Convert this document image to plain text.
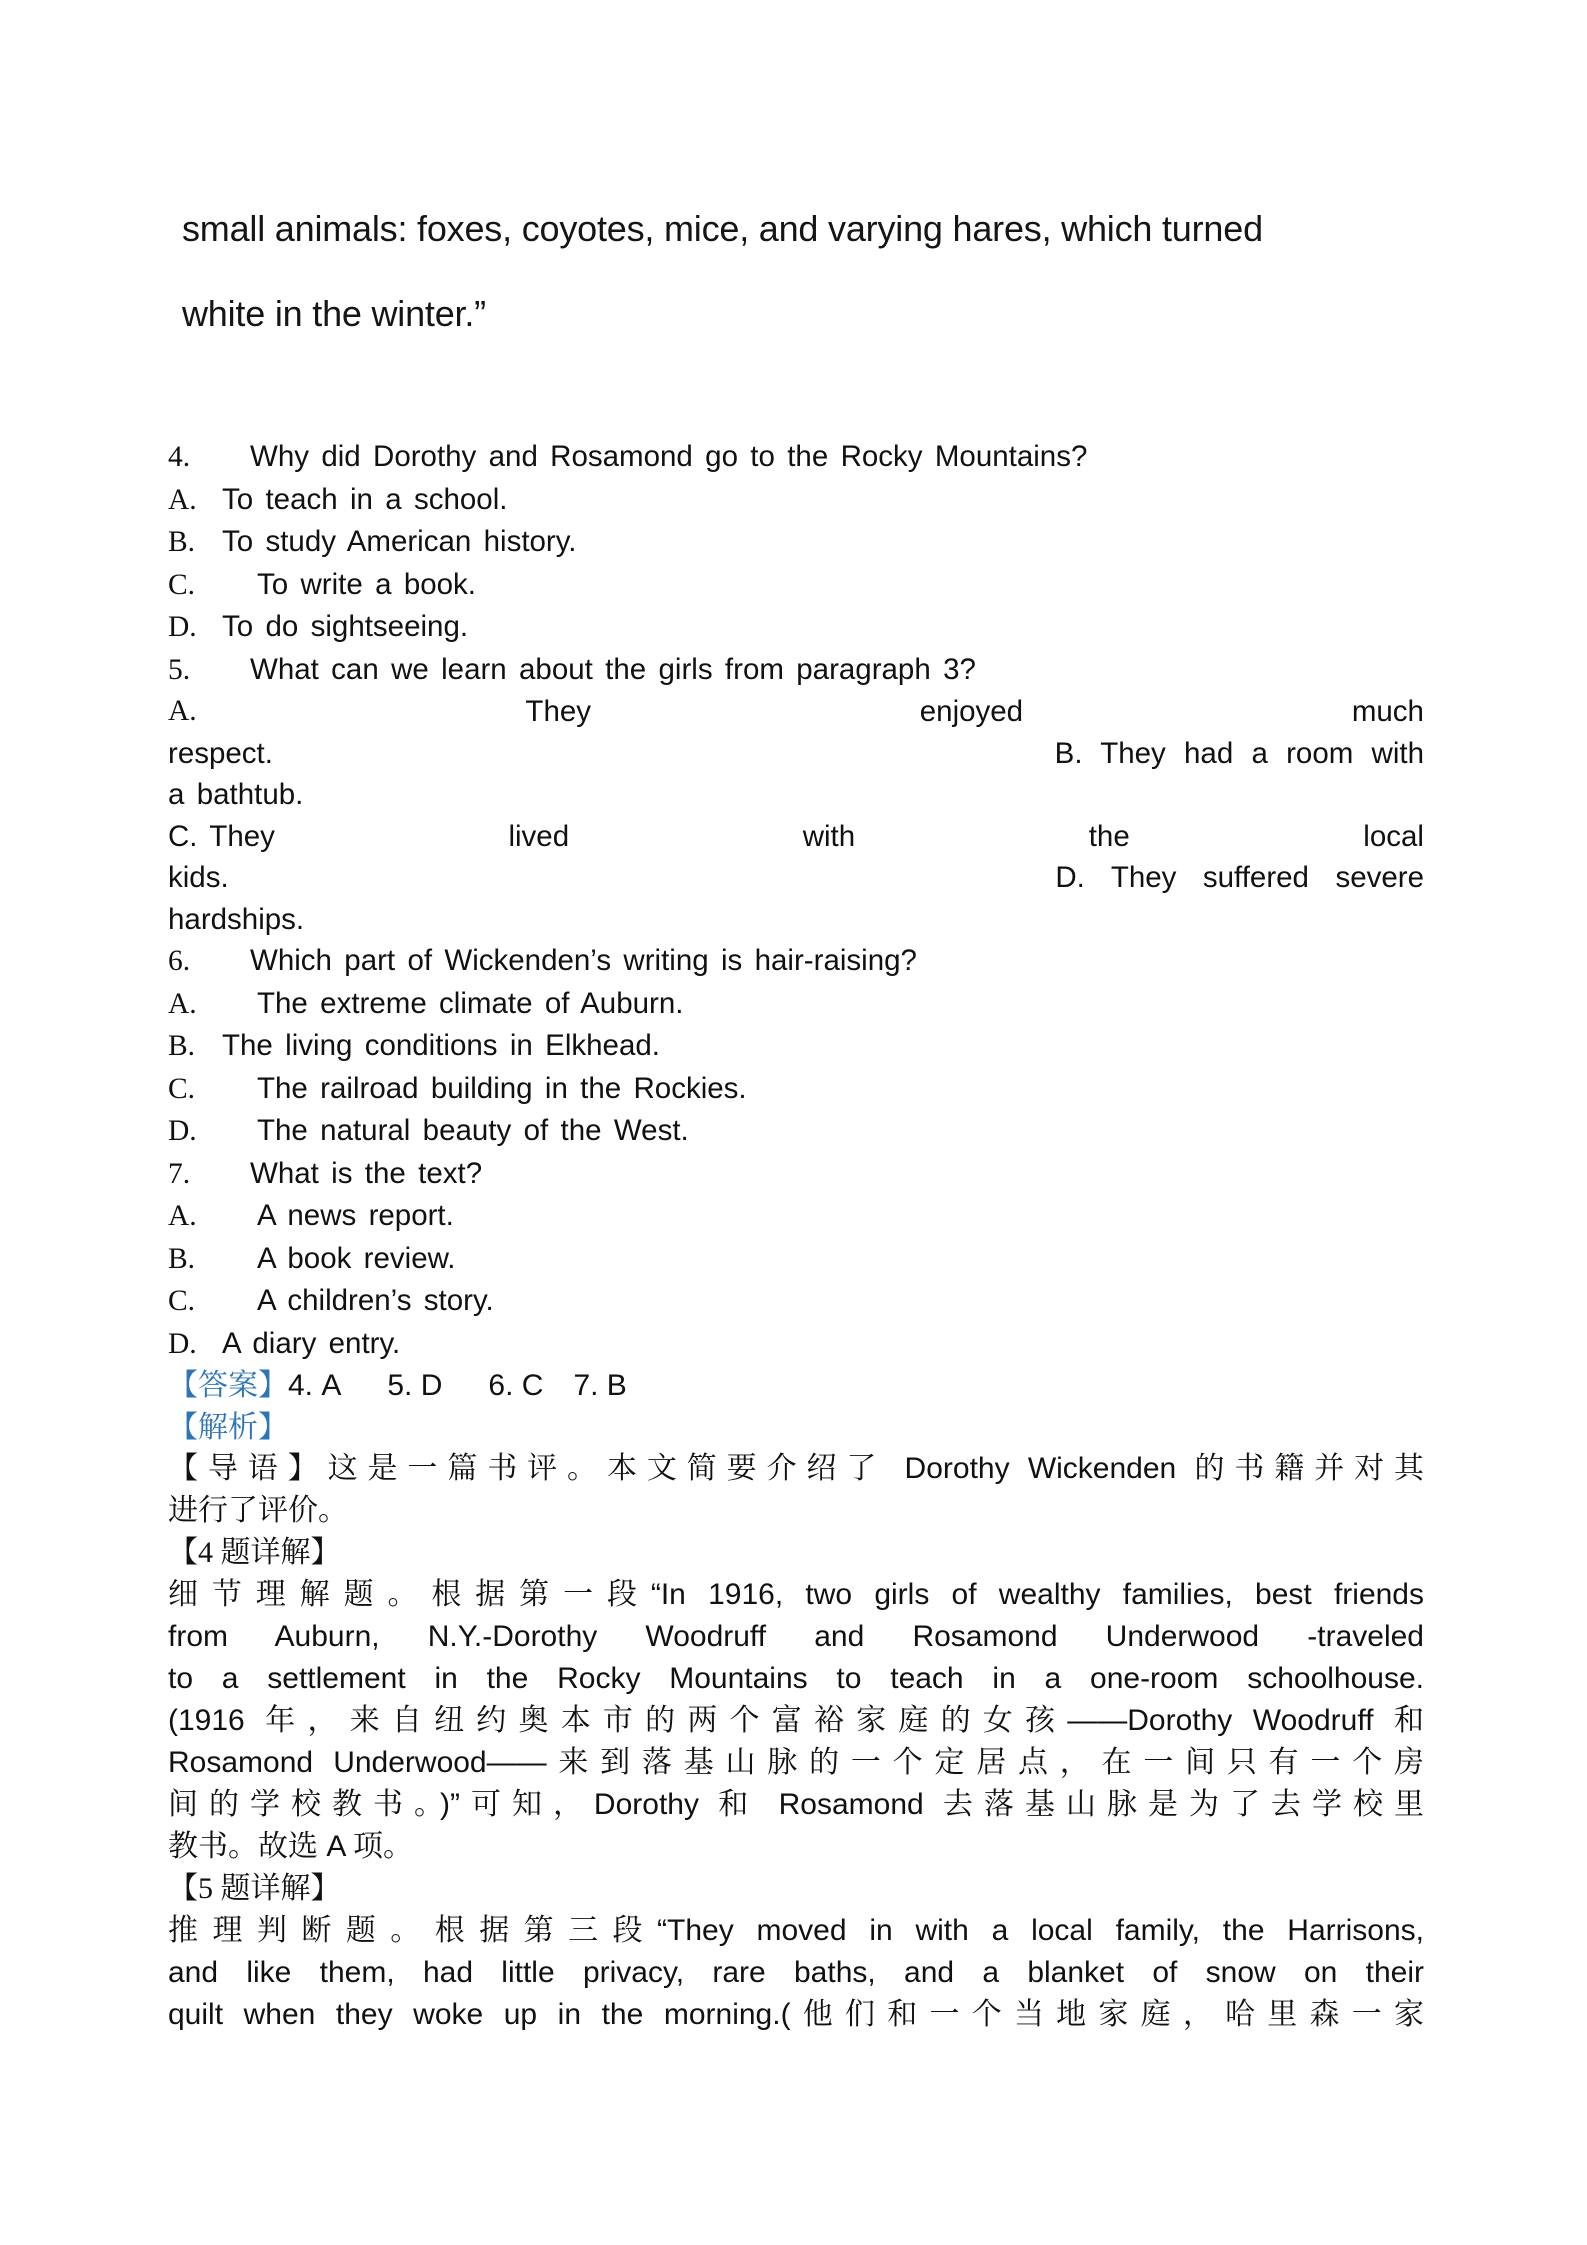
small animals: foxes, coyotes, mice, and varying hares, which turned
white in the winter.”
4. Why did Dorothy and Rosamond go to the Rocky Mountains?
A. To teach in a school.
B. To study American history.
C. To write a book.
D. To do sightseeing.
5. What can we learn about the girls from paragraph 3?
A.	They	enjoyed	much
respect.	B. They had a room with
a bathtub.
C. They	lived	with	the	local
kids.	D. They suffered severe
hardships.
6. Which part of Wickenden’s writing is hair-raising?
A. The extreme climate of Auburn.
B. The living conditions in Elkhead.
C. The railroad building in the Rockies.
D. The natural beauty of the West.
7. What is the text?
A. A news report.
B. A book review.
C. A children’s story.
D. A diary entry.
【答案】4. A 5. D 6. C 7. B
【解析】
【导语】这是一篇书评。本文简要介绍了 Dorothy Wickenden 的书籍并对其
进行了评价。
【4 题详解】
细节理解题。根据第一段“In 1916, two girls of wealthy families, best friends
from Auburn, N.Y.-Dorothy Woodruff and Rosamond Underwood -traveled
to a settlement in the Rocky Mountains to teach in a one-room schoolhouse.
(1916 年，来自纽约奥本市的两个富裕家庭的女孩——Dorothy Woodruff 和
Rosamond Underwood——来到落基山脉的一个定居点，在一间只有一个房
间的学校教书。)”可知，Dorothy 和 Rosamond 去落基山脉是为了去学校里
教书。故选 A 项。
【5 题详解】
推理判断题。根据第三段“They moved in with a local family, the Harrisons,
and like them, had little privacy, rare baths, and a blanket of snow on their
quilt when they woke up in the morning.(他们和一个当地家庭，哈里森一家
